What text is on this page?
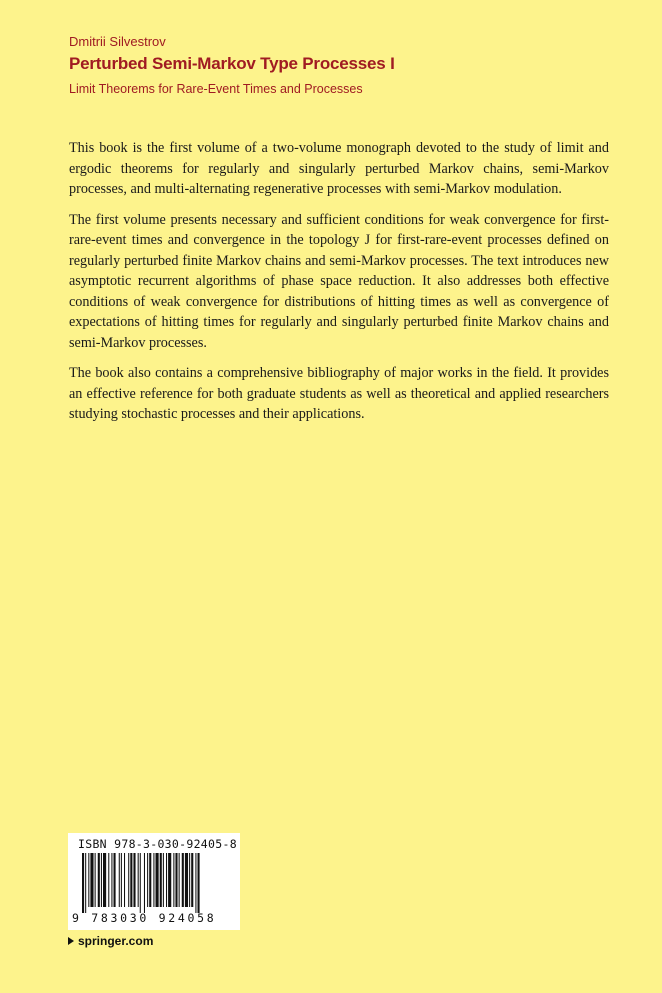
Dmitrii Silvestrov
Perturbed Semi-Markov Type Processes I
Limit Theorems for Rare-Event Times and Processes

This book is the first volume of a two-volume monograph devoted to the study of limit and ergodic theorems for regularly and singularly perturbed Markov chains, semi-Markov processes, and multi-alternating regenerative processes with semi-Markov modulation.

The first volume presents necessary and sufficient conditions for weak convergence for first-rare-event times and convergence in the topology J for first-rare-event processes defined on regularly perturbed finite Markov chains and semi-Markov processes. The text introduces new asymptotic recurrent algorithms of phase space reduction. It also addresses both effective conditions of weak convergence for distributions of hitting times as well as convergence of expectations of hitting times for regularly and singularly perturbed finite Markov chains and semi-Markov processes.

The book also contains a comprehensive bibliography of major works in the field. It provides an effective reference for both graduate students as well as theoretical and applied researchers studying stochastic processes and their applications.

ISBN 978-3-030-92405-8
9 783030 924058
springer.com
